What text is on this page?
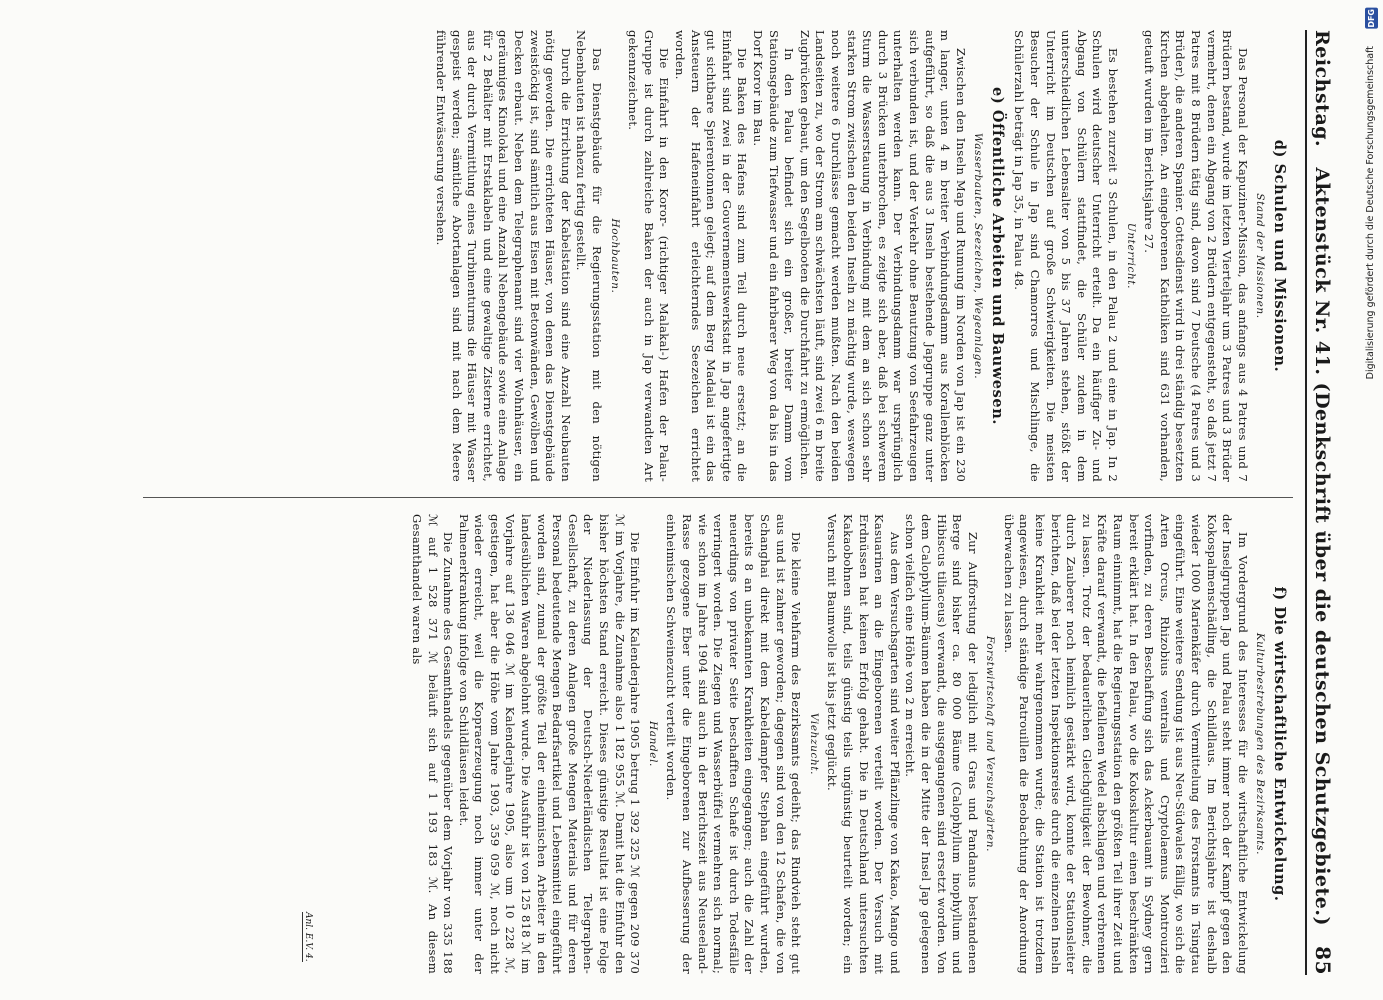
Reichstag.
Aktenstück Nr. 41. (Denkschrift über die deutschen Schutzgebiete.)
85
d) Schulen und Missionen.
Stand der Missionen.

Das Personal der Kapuziner-Mission, das anfangs aus 4 Patres und 7 Brüdern bestand, wurde im letzten Vierteljahr um 3 Patres und 3 Brüder vermehrt, denen ein Abgang von 2 Brüdern entgegensteht, so daß jetzt 7 Patres mit 8 Brüdern tätig sind, davon sind 7 Deutsche (4 Patres und 3 Brüder), die anderen Spanier. Gottesdienst wird in drei ständig besetzten Kirchen abgehalten. An eingeborenen Katholiken sind 631 vorhanden, getauft wurden im Berichtsjahre 27.

Unterricht.

Es bestehen zurzeit 3 Schulen, in den Palau 2 und eine in Jap. In 2 Schulen wird deutscher Unterricht erteilt. Da ein häufiger Zu- und Abgang von Schülern stattfindet, die Schüler zudem in dem unterschiedlichen Lebensalter von 5 bis 37 Jahren stehen, stößt der Unterricht im Deutschen auf große Schwierigkeiten. Die meisten Besucher der Schule in Jap sind Chamorros und Mischlinge, die Schülerzahl beträgt in Jap 35, in Palau 48.

e) Öffentliche Arbeiten und Bauwesen.
Wasserbauten, Seezeichen, Wegeanlagen.

Zwischen den Inseln Map und Rumung im Norden von Jap ist ein 230 m langer, unten 4 m breiter Verbindungsdamm aus Korallenblöcken aufgeführt, so daß die aus 3 Inseln bestehende Japgruppe ganz unter sich verbunden ist, und der Verkehr ohne Benutzung von Seefahrzeugen unterhalten werden kann. Der Verbindungsdamm war ursprünglich durch 3 Brücken unterbrochen, es zeigte sich aber, daß bei schwerem Sturm die Wasserstauung in Verbindung mit dem an sich schon sehr starken Strom zwischen den beiden Inseln zu mächtig wurde, weswegen noch weitere 6 Durchlässe gemacht werden mußten. Nach den beiden Landseiten zu, wo der Strom am schwächsten läuft, sind zwei 6 m breite Zugbrücken gebaut, um den Segelbooten die Durchfahrt zu ermöglichen.

In den Palau befindet sich ein großer, breiter Damm vom Stationsgebäude zum Tiefwasser und ein fahrbarer Weg von da bis in das Dorf Koror im Bau.

Die Baken des Hafens sind zum Teil durch neue ersetzt; an die Einfahrt sind zwei in der Gouvernementswerkstatt in Jap angefertigte gut sichtbare Spierentonnen gelegt; auf dem Berg Madalai ist ein das Ansteuern der Hafeneinfahrt erleichterndes Seezeichen errichtet worden.

Die Einfahrt in den Koror- (richtiger Malakal-) Hafen der Palau-Gruppe ist durch zahlreiche Baken der auch in Jap verwandten Art gekennzeichnet.

Hochbauten.

Das Dienstgebäude für die Regierungsstation mit den nötigen Nebenbauten ist nahezu fertig gestellt.

Durch die Errichtung der Kabelstation sind eine Anzahl Neubauten nötig geworden. Die errichteten Häuser, von denen das Dienstgebäude zweistöckig ist, sind sämtlich aus Eisen mit Betonwänden, Gewölben und Decken erbaut. Neben dem Telegraphenamt sind vier Wohnhäuser, ein geräumiges Kinolokal und eine Anzahl Nebengebäude sowie eine Anlage für 2 Behälter mit Erstaklabeln und eine gewaltige Zisterne errichtet, aus der durch Vermittlung eines Turbinenturms die Häuser mit Wasser gespeist werden; sämtliche Abortanlagen sind mit nach dem Meere führender Entwässerung versehen.

f) Die wirtschaftliche Entwickelung.
Kulturbestrebungen des Bezirksamts.

Im Vordergrund des Interesses für die wirtschaftliche Entwickelung der Inselgruppen Jap und Palau steht immer noch der Kampf gegen den Kokospalmenschädling, die Schildlaus. Im Berichtsjahre ist deshalb wieder 1000 Marienkäfer durch Vermittelung des Forstamts in Tsingtau eingeführt. Eine weitere Sendung ist aus Neu-Südwales fällig, wo sich die Arten Orcus, Rhizobius ventralis und Cryptolaemus Montrouzieri vorfinden, zu deren Beschaffung sich das Ackerbauamt in Sydney gern bereit erklärt hat. In den Palau, wo die Kokoskultur einen beschränkten Raum einnimmt, hat die Regierungsstation den größten Teil ihrer Zeit und Kräfte darauf verwandt, die befallenen Wedel abschlagen und verbrennen zu lassen. Trotz der bedauerlichen Gleichgültigkeit der Bewohner, die durch Zauberer noch heimlich gestärkt wird, konnte der Stationsleiter berichten, daß bei der letzten Inspektionsreise durch die einzelnen Inseln keine Krankheit mehr wahrgenommen wurde; die Station ist trotzdem angewiesen, durch ständige Patrouillen die Beobachtung der Anordnung überwachen zu lassen.

Forstwirtschaft und Versuchsgärten.

Zur Aufforstung der lediglich mit Gras und Pandanus bestandenen Berge sind bisher ca. 80 000 Bäume (Calophyllum inophyllum und Hibiscus tiliaceus) verwandt, die ausgegangenen sind ersetzt worden. Von dem Calophyllum-Bäumen haben die in der Mitte der Insel Jap gelegenen schon vielfach eine Höhe von 2 m erreicht.

Aus dem Versuchsgarten sind weiter Pflänzlinge von Kakao, Mango und Kasuarinen an die Eingeborenen verteilt worden. Der Versuch mit Erdnüssen hat keinen Erfolg gehabt. Die in Deutschland untersuchten Kakaobohnen sind, teils günstig teils ungünstig beurteilt worden; ein Versuch mit Baumwolle ist bis jetzt geglückt.

Viehzucht.

Die kleine Viehfarm des Bezirksamts gedeiht; das Rindvieh steht gut aus und ist zahmer geworden; dagegen sind von den 12 Schafen, die von Schanghai direkt mit dem Kabeldampfer Stephan eingeführt wurden, bereits 8 an unbekannten Krankheiten eingegangen; auch die Zahl der neuerdings von privater Seite beschafften Schafe ist durch Todesfälle verringert worden. Die Ziegen und Wasserbüffel vermehren sich normal; wie schon im Jahre 1904 sind auch in der Berichtszeit aus Neuseeland-Rasse gezogene Eber unter die Eingeborenen zur Aufbesserung der einheimischen Schweinezucht verteilt worden.

Handel.

Die Einfuhr im Kalenderjahre 1905 betrug 1 392 325 ℳ gegen 209 370 ℳ im Vorjahre, die Zunahme also 1 182 955 ℳ. Damit hat die Einfuhr den bisher höchsten Stand erreicht. Dieses günstige Resultat ist eine Folge der Niederlassung der Deutsch-Niederländischen Telegraphen-Gesellschaft, zu deren Anlagen große Mengen Materials und für deren Personal bedeutende Mengen Bedarfsartikel und Lebensmittel eingeführt worden sind, zumal der größte Teil der einheimischen Arbeiter in den landesüblichen Waren abgelohnt wurde. Die Ausfuhr ist von 125 818 ℳ im Vorjahre auf 136 046 ℳ im Kalenderjahre 1905, also um 10 228 ℳ, gestiegen, hat aber die Höhe vom Jahre 1903, 359 059 ℳ, noch nicht wieder erreicht, weil die Kopraerzeugung noch immer unter der Palmenerkrankung infolge von Schildläusen leidet.

Die Zunahme des Gesamthandels gegenüber dem Vorjahr von 335 188 ℳ auf 1 528 371 ℳ beläuft sich auf 1 193 183 ℳ. An diesem Gesamthandel waren als

Anl. E.V. 4.
DFG
Digitalisierung gefördert durch die Deutsche Forschungsgemeinschaft
